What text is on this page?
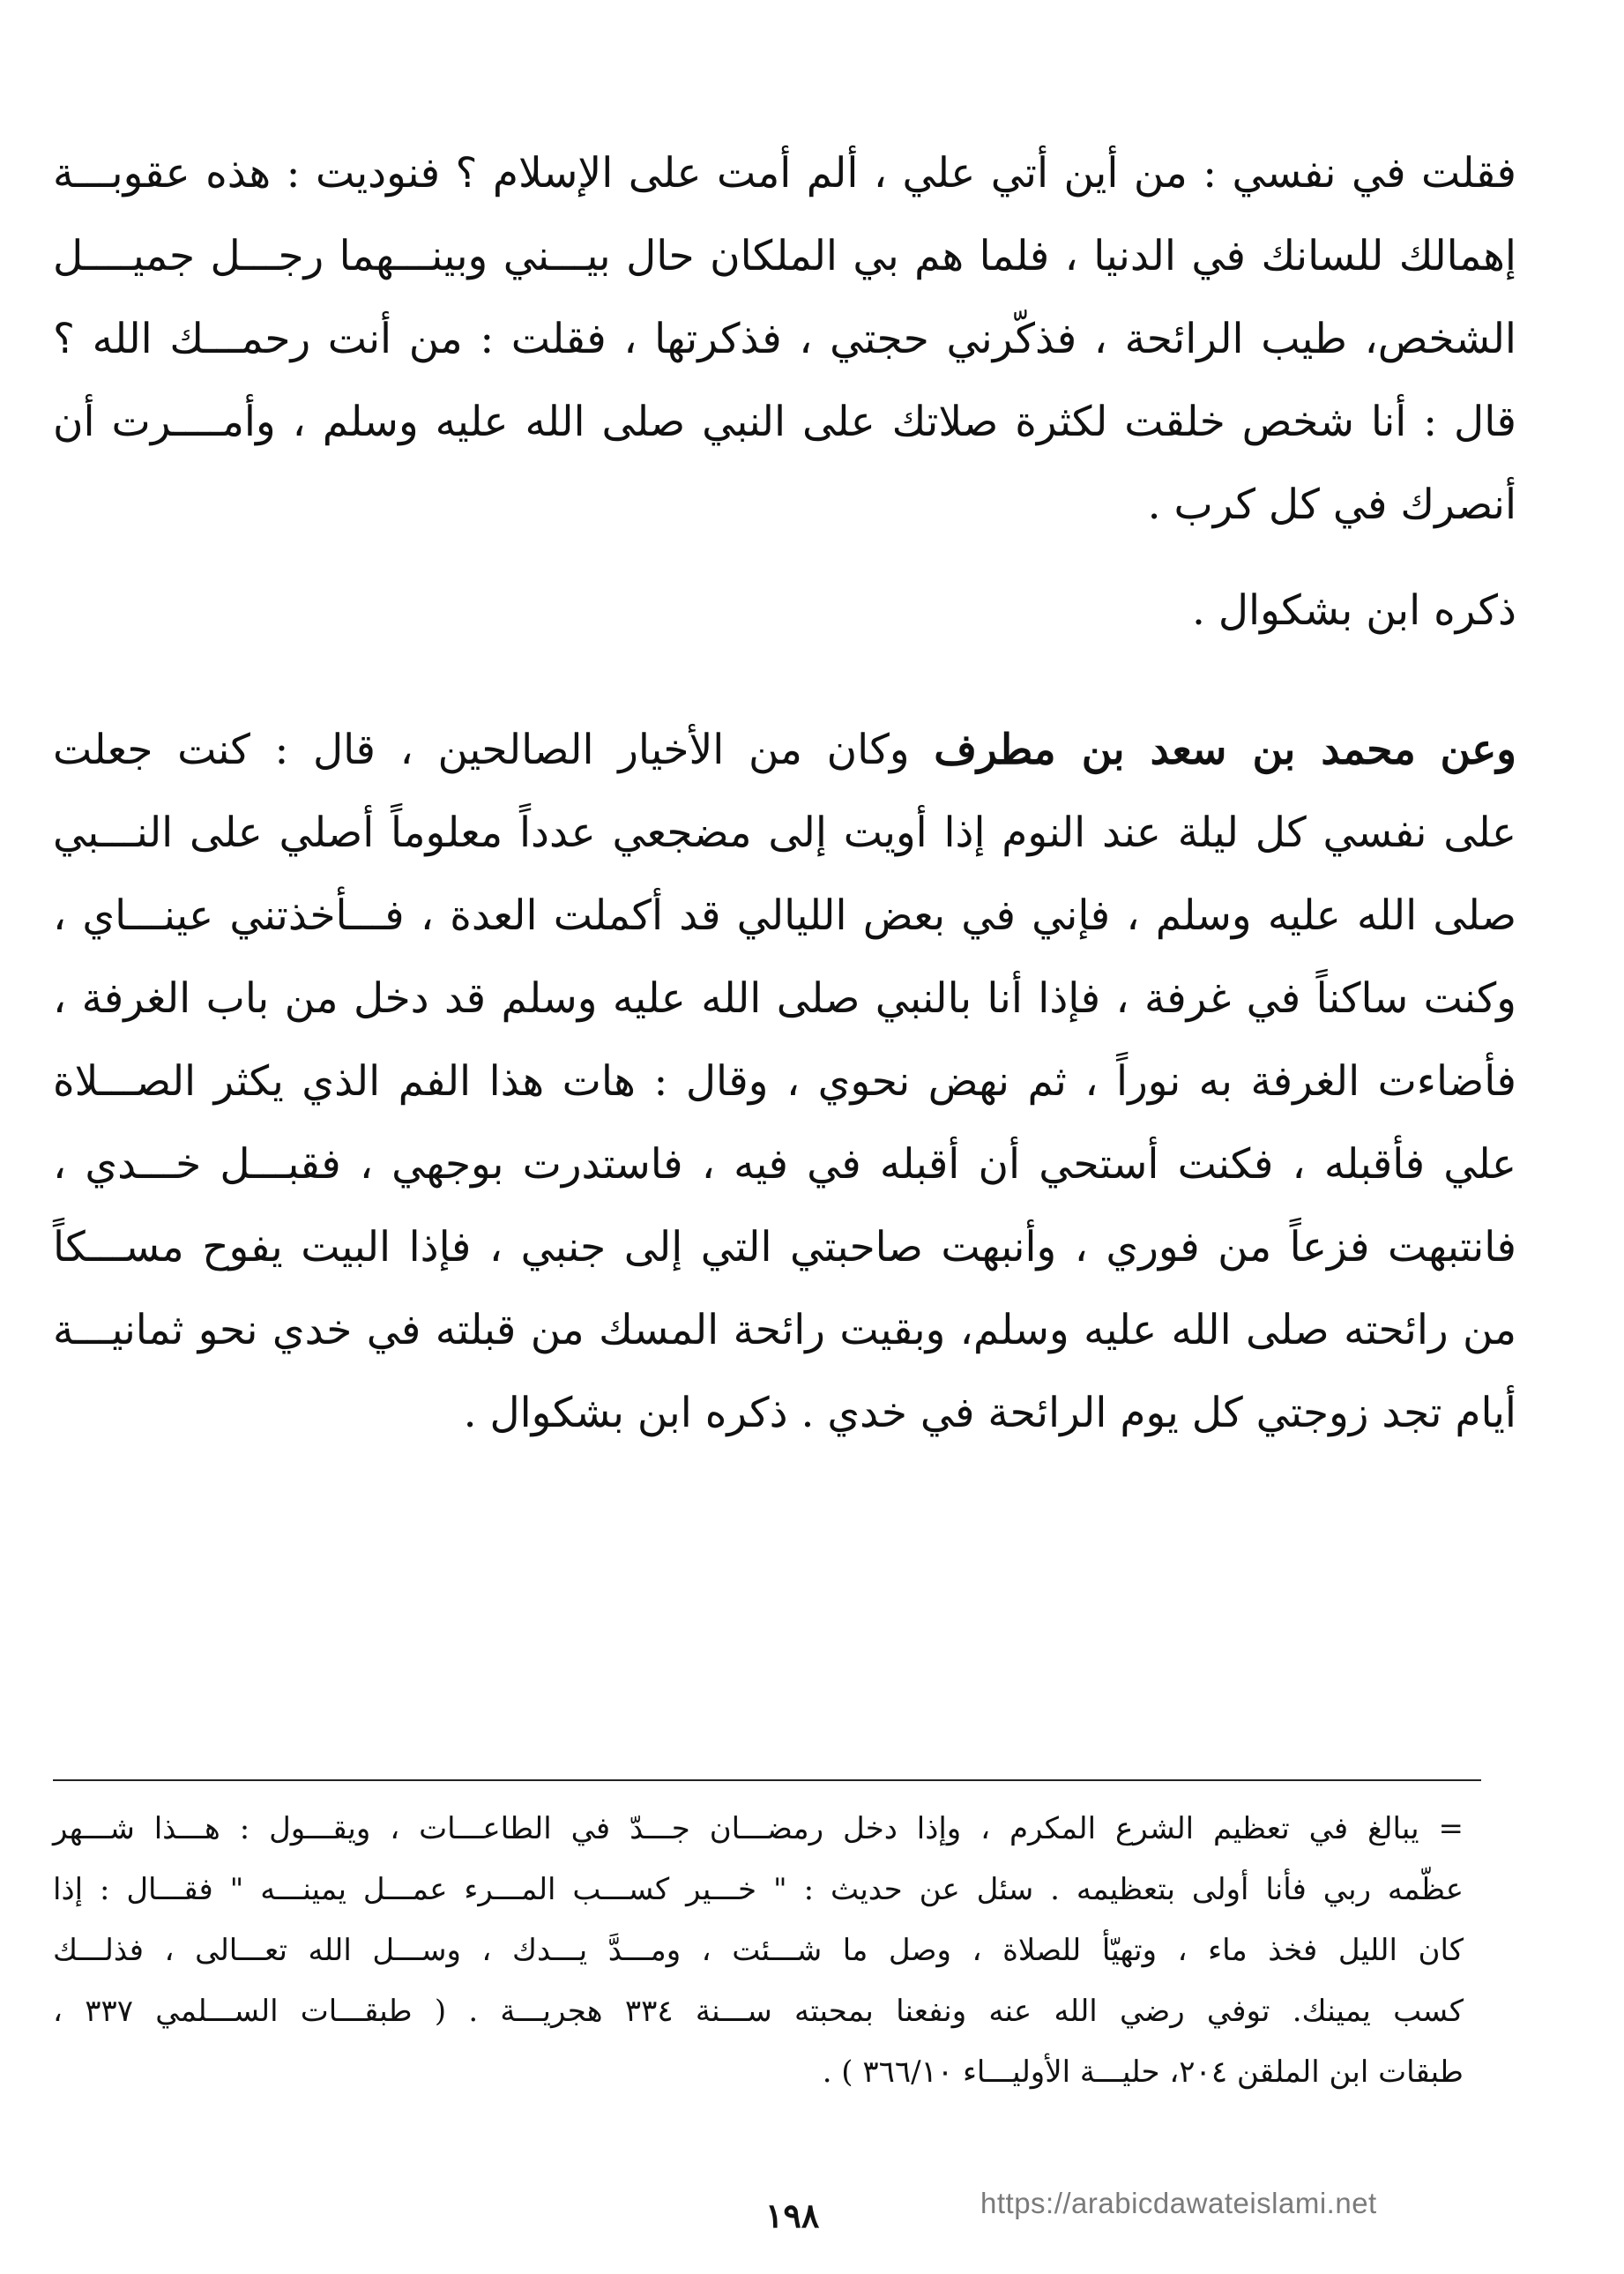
فقلت في نفسي : من أين أتي علي ، ألم أمت على الإسلام ؟ فنوديت : هذه عقوبـــة
إهمالك للسانك في الدنيا ، فلما هم بي الملكان حال بيـــني وبينـــهما رجـــل جميــــل
الشخص، طيب الرائحة ، فذكّرني حجتي ، فذكرتها ، فقلت : من أنت رحمـــك الله ؟
قال : أنا شخص خلقت لكثرة صلاتك على النبي صلى الله عليه وسلم ، وأمــــرت أن
أنصرك في كل كرب .

ذكره ابن بشكوال .

وعن محمد بن سعد بن مطرف وكان من الأخيار الصالحين ، قال : كنت جعلت
على نفسي كل ليلة عند النوم إذا أويت إلى مضجعي عدداً معلوماً أصلي على النـــبي
صلى الله عليه وسلم ، فإني في بعض الليالي قد أكملت العدة ، فـــأخذتني عينـــاي ،
وكنت ساكناً في غرفة ، فإذا أنا بالنبي صلى الله عليه وسلم قد دخل من باب الغرفة ،
فأضاءت الغرفة به نوراً ، ثم نهض نحوي ، وقال : هات هذا الفم الذي يكثر الصـــلاة
علي فأقبله ، فكنت أستحي أن أقبله في فيه ، فاستدرت بوجهي ، فقبـــل خـــدي ،
فانتبهت فزعاً من فوري ، وأنبهت صاحبتي التي إلى جنبي ، فإذا البيت يفوح مســـكاً
من رائحته صلى الله عليه وسلم، وبقيت رائحة المسك من قبلته في خدي نحو ثمانيـــة
أيام تجد زوجتي كل يوم الرائحة في خدي . ذكره ابن بشكوال .
= يبالغ في تعظيم الشرع المكرم ، وإذا دخل رمضـــان جـــدّ في الطاعـــات ، ويقـــول : هـــذا شـــهر
عظّمه ربي فأنا أولى بتعظيمه . سئل عن حديث : " خـــير كســـب المـــرء عمـــل يمينـــه " فقـــال : إذا
كان الليل فخذ ماء ، وتهيّأ للصلاة ، وصل ما شـــئت ، ومـــدَّ يـــدك ، وســـل الله تعـــالى ، فذلـــك
كسب يمينك. توفي رضي الله عنه ونفعنا بمحبته ســـنة ٣٣٤ هجريـــة . ( طبقـــات الســـلمي ٣٣٧ ،
طبقات ابن الملقن ٢٠٤، حليـــة الأوليـــاء ٣٦٦/١٠ ) .
١٩٨	https://arabicdawateislami.net
